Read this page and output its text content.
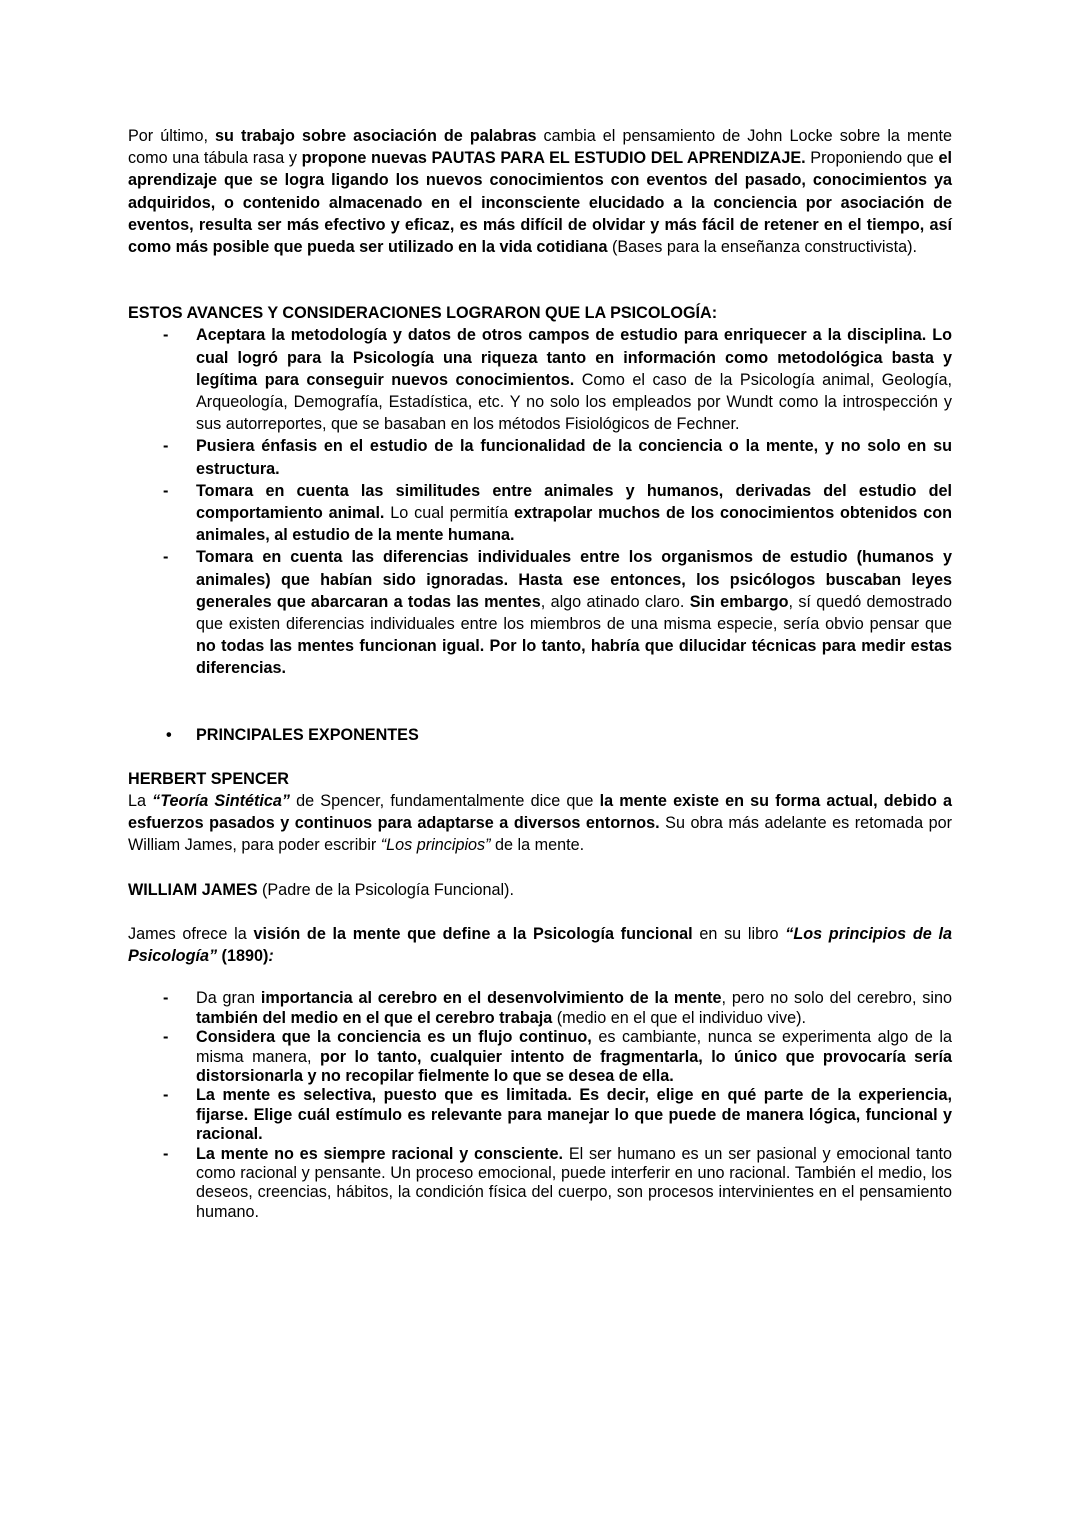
Por último, su trabajo sobre asociación de palabras cambia el pensamiento de John Locke sobre la mente como una tábula rasa y propone nuevas PAUTAS PARA EL ESTUDIO DEL APRENDIZAJE. Proponiendo que el aprendizaje que se logra ligando los nuevos conocimientos con eventos del pasado, conocimientos ya adquiridos, o contenido almacenado en el inconsciente elucidado a la conciencia por asociación de eventos, resulta ser más efectivo y eficaz, es más difícil de olvidar y más fácil de retener en el tiempo, así como más posible que pueda ser utilizado en la vida cotidiana (Bases para la enseñanza constructivista).

ESTOS AVANCES Y CONSIDERACIONES LOGRARON QUE LA PSICOLOGÍA:
- Aceptara la metodología y datos de otros campos de estudio para enriquecer a la disciplina. Lo cual logró para la Psicología una riqueza tanto en información como metodológica basta y legítima para conseguir nuevos conocimientos. Como el caso de la Psicología animal, Geología, Arqueología, Demografía, Estadística, etc. Y no solo los empleados por Wundt como la introspección y sus autorreportes, que se basaban en los métodos Fisiológicos de Fechner.
- Pusiera énfasis en el estudio de la funcionalidad de la conciencia o la mente, y no solo en su estructura.
- Tomara en cuenta las similitudes entre animales y humanos, derivadas del estudio del comportamiento animal. Lo cual permitía extrapolar muchos de los conocimientos obtenidos con animales, al estudio de la mente humana.
- Tomara en cuenta las diferencias individuales entre los organismos de estudio (humanos y animales) que habían sido ignoradas. Hasta ese entonces, los psicólogos buscaban leyes generales que abarcaran a todas las mentes, algo atinado claro. Sin embargo, sí quedó demostrado que existen diferencias individuales entre los miembros de una misma especie, sería obvio pensar que no todas las mentes funcionan igual. Por lo tanto, habría que dilucidar técnicas para medir estas diferencias.
• PRINCIPALES EXPONENTES
HERBERT SPENCER

La “Teoría Sintética” de Spencer, fundamentalmente dice que la mente existe en su forma actual, debido a esfuerzos pasados y continuos para adaptarse a diversos entornos. Su obra más adelante es retomada por William James, para poder escribir “Los principios” de la mente.

WILLIAM JAMES (Padre de la Psicología Funcional).

James ofrece la visión de la mente que define a la Psicología funcional en su libro “Los principios de la Psicología” (1890):

- Da gran importancia al cerebro en el desenvolvimiento de la mente, pero no solo del cerebro, sino también del medio en el que el cerebro trabaja (medio en el que el individuo vive).
- Considera que la conciencia es un flujo continuo, es cambiante, nunca se experimenta algo de la misma manera, por lo tanto, cualquier intento de fragmentarla, lo único que provocaría sería distorsionarla y no recopilar fielmente lo que se desea de ella.
- La mente es selectiva, puesto que es limitada. Es decir, elige en qué parte de la experiencia, fijarse. Elige cuál estímulo es relevante para manejar lo que puede de manera lógica, funcional y racional.
- La mente no es siempre racional y consciente. El ser humano es un ser pasional y emocional tanto como racional y pensante. Un proceso emocional, puede interferir en uno racional. También el medio, los deseos, creencias, hábitos, la condición física del cuerpo, son procesos intervinientes en el pensamiento humano.
